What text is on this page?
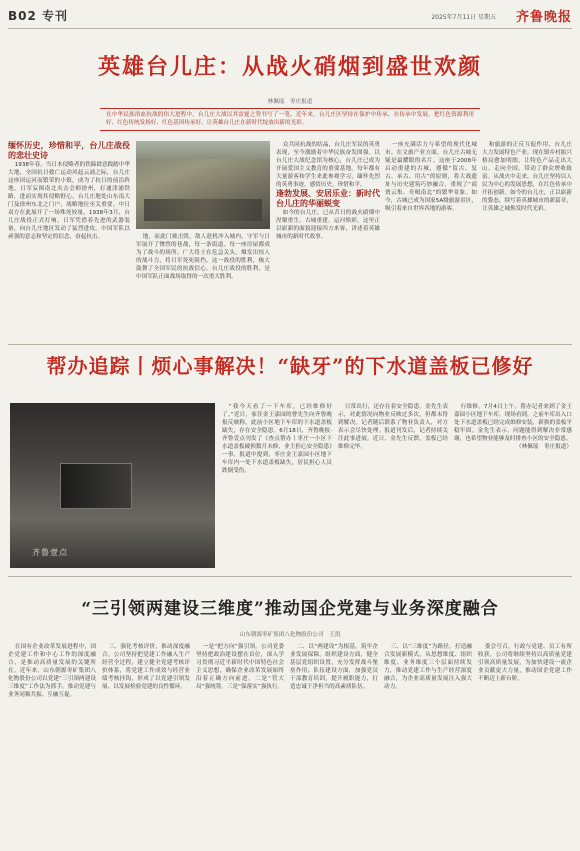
B02 专刊	2025年7月11日 星期五 齐鲁晚报
英雄台儿庄：从战火硝烟到盛世欢颜
林佩瑶　枣庄报道
在中华民族浴血抗战的伟大进程中，台儿庄大战以其雷霆之势书写了一笔。近年来，台儿庄区坚持在保护中传承、在传承中发展，把红色资源利用好、红色传统发扬好、红色基因传承好，让英雄台儿庄在新时代绽放出新的光彩。

缅怀历史，珍惜和平，台儿庄战役的悲壮史诗

1938年春，当日本侵略者的铁蹄肆意践踏中华大地，全国抗日救亡运动风起云涌之际，台儿庄这座因运河而繁荣的小镇，成为了抗日的前沿阵地。日军妄图南北夹击会师徐州，打通津浦铁路，进而实现其侵略野心。台儿庄地处山东南大门及徐州东北之门户，战略地位至关重要。中日双方在此展开了一场殊死较量。1938年3月，台儿庄战役正式打响。日军凭借着先进的武器装备，向台儿庄地区发动了猛烈进攻。中国军队以顽强的意志和坚定的信念，奋起抗击。	地，而此门被击毁，敌人趁机冲入城内，守军与日军展开了惨烈的巷战，每一条街道、每一座房屋都成为了战斗的场所。广大将士在危急关头，爆发出惊人的战斗力，将日军死死阻挡。这一战役的胜利，极大鼓舞了全国军民的抗战信心。台儿庄战役的胜利，是中国军队正面战场取得的一次重大胜利。

众共同抗战的结晶，台儿庄军民的英勇表现，至今激励着中华民族奋发图强。以台儿庄大战纪念馆为核心，台儿庄已成为开展爱国主义教育的重要基地。每年都有大量游客和学生来此参观学习，缅怀先烈的英勇事迹，感悟历史，珍惜和平。

逢勃发展、安居乐业：新时代台儿庄的华丽蜕变

如今的台儿庄，已从昔日的战火硝烟中涅槃重生。古城重建，运河焕彩，这里正以崭新的面貌迎接四方来客，讲述着英雄城市的新时代故事。

一座充满活力与希望的现代化城市。在文旅产业方面，台儿庄古城无疑是最耀眼的名片。这座于2008年启动重建的古城，遵循“留古、复古、承古、用古”的原则，将大战遗址与历史建筑巧妙融合，重现了“商贾云集、舟楫南北”的繁华景象。如今，古城已成为国家5A级旅游景区，吸引着来自世界各地的游客。

和旅游的正反互促作用，台儿庄大力发展特色产业。现在镇乡村振兴格局愈加明朗，让特色产品走出大山、走向全国，带动了群众增收致富。从战火中走来，台儿庄坚持以人民为中心的发展思想，在红色传承中开拓创新。如今的台儿庄，正以崭新的姿态，续写着英雄城市的新篇章，让英雄之城焕发时代光彩。

帮办追踪丨烦心事解决！“缺牙”的下水道盖板已修好
齐鲁壹点

“我今天看了一下车库，已经维修好了。”近日，家住金王嘉园的曹先生向齐鲁晚报反映称，此前小区地下车库的下水道盖板缺失，存在安全隐患。6月18日，齐鲁晚报·齐鲁壹点刊发了《查点帮办丨枣庄一小区下水道盖板破损数月未修，业主担心安全隐患》一事，报道中提到，枣庄金王嘉园小区地下车库内一处下水道盖板缺失，居民担心人员跌倒受伤。

日常出行，还存在着安全隐患。金先生表示，对此情况向物业反映过多次，但都未得到解决。记者随后联系了物业负责人，对方表示会尽快处理。报道刊发后，记者持续关注此事进展。近日，金先生反馈，盖板已经维修完毕。

行维修。7月4日上午，帮办记者来到了金王嘉园小区地下车库，现场看到，之前车库出入口处下水道盖板已经完成维修安装，新换的盖板平稳牢固。金先生表示，问题能得到解决非常感谢，也希望物业能够及时排查小区的安全隐患。

（林佩瑶　枣庄报道）

“三引领两建设三维度”推动国企党建与业务深度融合
山东朝源枣矿集团八化物股份公司　王凯

在国有企业改革发展进程中，国企党建工作和中心工作的深度融合，是推动高质量发展的关键所在。近年来，山东朝源枣矿集团八化物股份公司以党建“三引领两建设三维度”工作法为抓手，推动党建与业务同频共振、互融互促。

三、强化考核评价，推动深度融合。公司坚持把党建工作融入生产经营全过程，建立健全党建考核评价体系，将党建工作成效与经营业绩考核挂钩，形成了以党建引领发展、以发展检验党建的良性循环。

一是“把方向”强引领。公司党委坚持把政治建设摆在首位，深入学习贯彻习近平新时代中国特色社会主义思想，确保企业改革发展始终沿着正确方向前进。二是“管大局”强统筹。三是“保落实”强执行。

二、以“两建设”为根基，筑牢企业发展保障。组织建设方面，健全基层党组织设置，充分发挥战斗堡垒作用；队伍建设方面，加强党员干部教育培训，提升履职能力，打造忠诚干净担当的高素质队伍。

三、以“三维度”为路径，打造融合发展新模式。从思想维度、组织维度、业务维度三个层面持续发力，推动党建工作与生产经营深度融合，为企业高质量发展注入强大动力。

委会号召，行政与党建、员工有所收获。公司将继续坚持以高质量党建引领高质量发展，为加快建设一流企业贡献更大力量，推动国企党建工作不断迈上新台阶。
